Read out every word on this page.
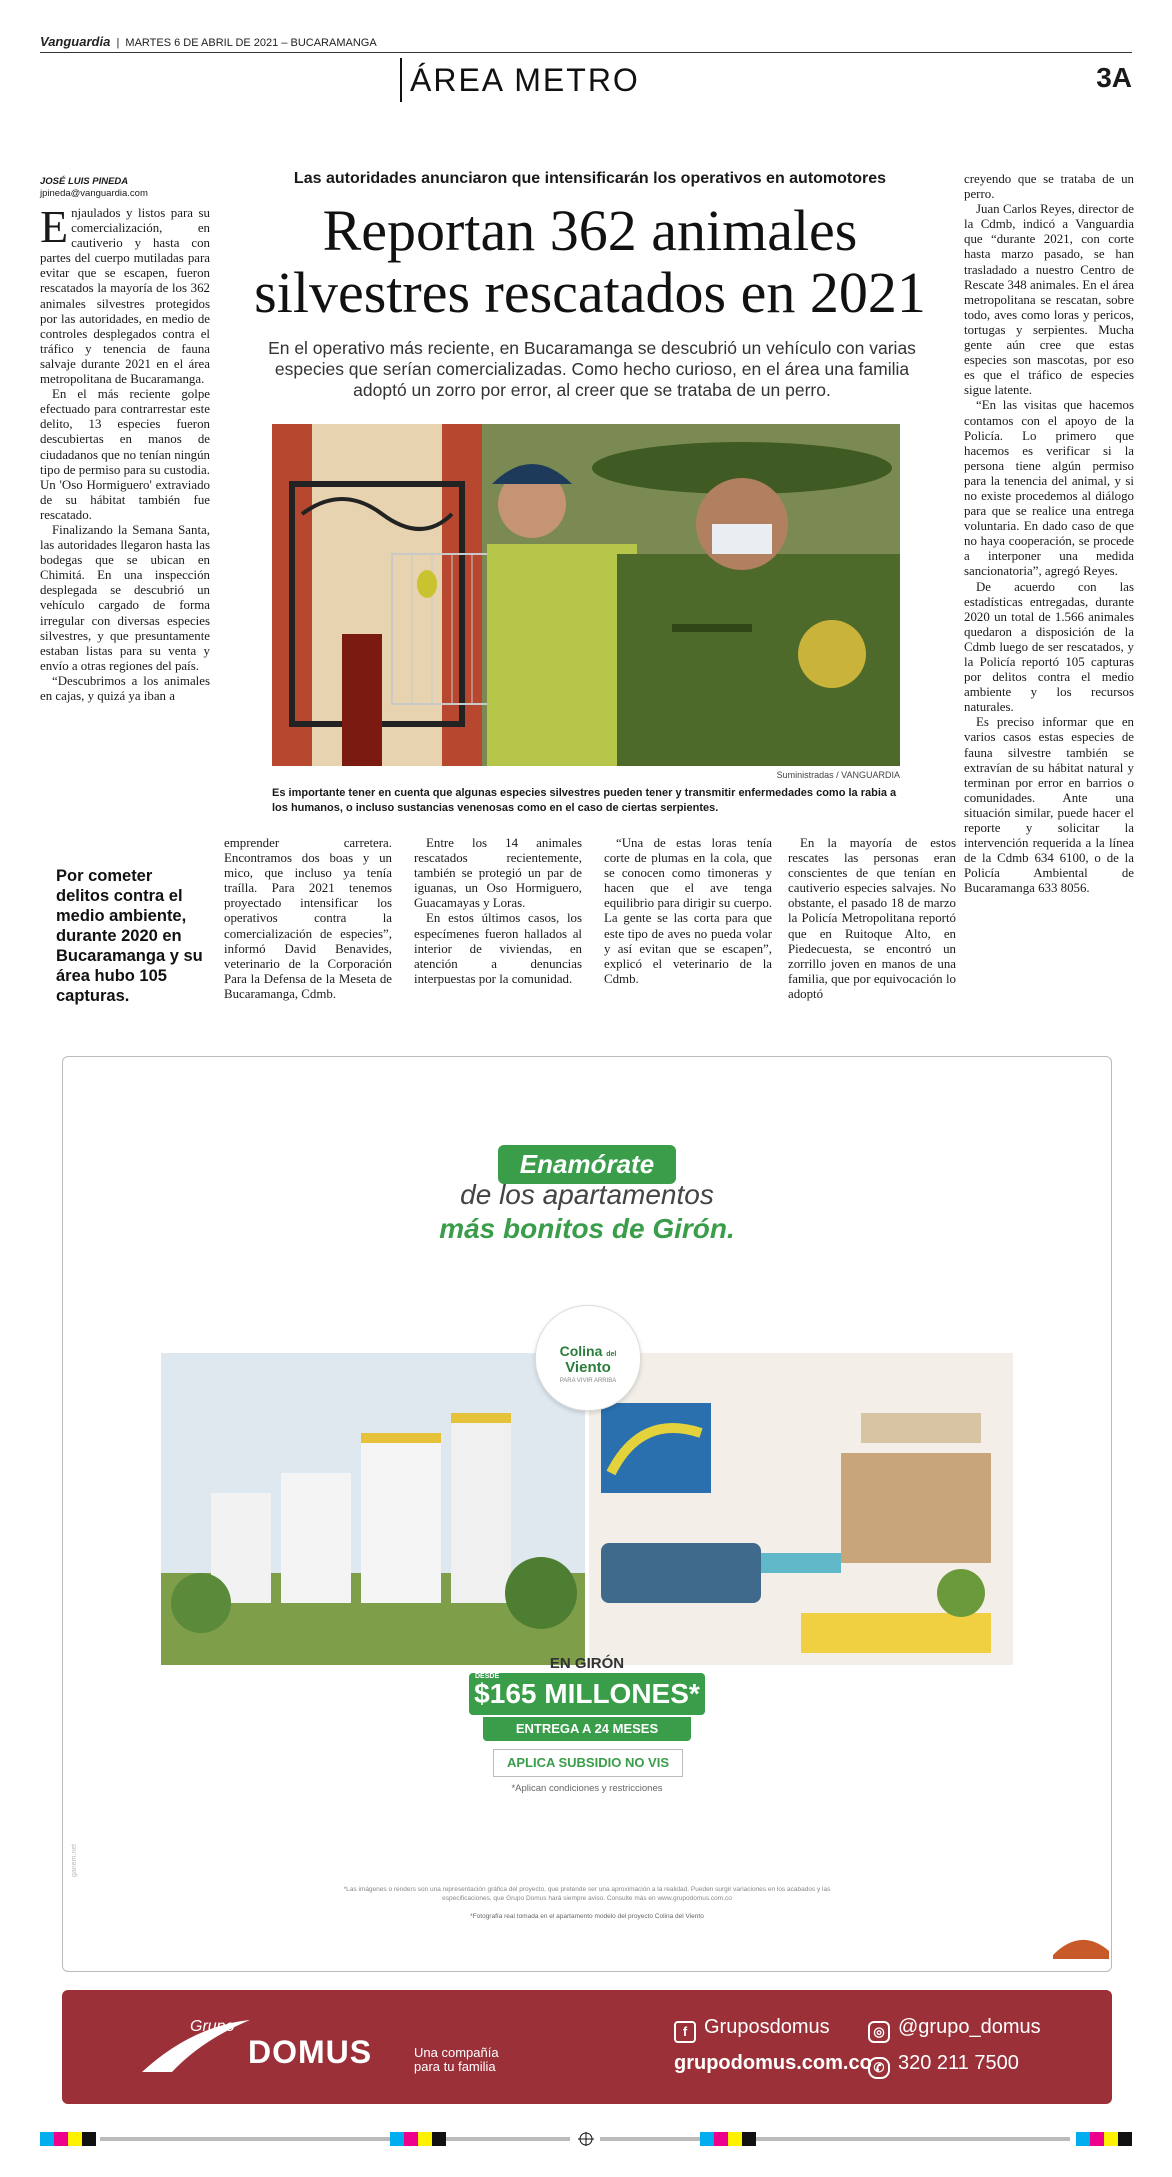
Vanguardia  |  MARTES 6 DE ABRIL DE 2021 – BUCARAMANGA
ÁREA METRO	3A
JOSÉ LUIS PINEDA
jpineda@vanguardia.com

Enjaulados y listos para su comercialización, en cautiverio y hasta con partes del cuerpo mutiladas para evitar que se escapen, fueron rescatados la mayoría de los 362 animales silvestres protegidos por las autoridades, en medio de controles desplegados contra el tráfico y tenencia de fauna salvaje durante 2021 en el área metropolitana de Bucaramanga.

En el más reciente golpe efectuado para contrarrestar este delito, 13 especies fueron descubiertas en manos de ciudadanos que no tenían ningún tipo de permiso para su custodia. Un 'Oso Hormiguero' extraviado de su hábitat también fue rescatado.

Finalizando la Semana Santa, las autoridades llegaron hasta las bodegas que se ubican en Chimitá. En una inspección desplegada se descubrió un vehículo cargado de forma irregular con diversas especies silvestres, y que presuntamente estaban listas para su venta y envío a otras regiones del país.

“Descubrimos a los animales en cajas, y quizá ya iban a

Las autoridades anunciaron que intensificarán los operativos en automotores
Reportan 362 animales silvestres rescatados en 2021
En el operativo más reciente, en Bucaramanga se descubrió un vehículo con varias especies que serían comercializadas. Como hecho curioso, en el área una familia adoptó un zorro por error, al creer que se trataba de un perro.
Suministradas / VANGUARDIA
Es importante tener en cuenta que algunas especies silvestres pueden tener y transmitir enfermedades como la rabia a los humanos, o incluso sustancias venenosas como en el caso de ciertas serpientes.
Por cometer delitos contra el medio ambiente, durante 2020 en Bucaramanga y su área hubo 105 capturas.

emprender carretera. Encontramos dos boas y un mico, que incluso ya tenía traílla. Para 2021 tenemos proyectado intensificar los operativos contra la comercialización de especies”, informó David Benavides, veterinario de la Corporación Para la Defensa de la Meseta de Bucaramanga, Cdmb.

Entre los 14 animales rescatados recientemente, también se protegió un par de iguanas, un Oso Hormiguero, Guacamayas y Loras.

En estos últimos casos, los especímenes fueron hallados al interior de viviendas, en atención a denuncias interpuestas por la comunidad.

“Una de estas loras tenía corte de plumas en la cola, que se conocen como timoneras y hacen que el ave tenga equilibrio para dirigir su cuerpo. La gente se las corta para que este tipo de aves no pueda volar y así evitan que se escapen”, explicó el veterinario de la Cdmb.

En la mayoría de estos rescates las personas eran conscientes de que tenían en cautiverio especies salvajes. No obstante, el pasado 18 de marzo la Policía Metropolitana reportó que en Ruitoque Alto, en Piedecuesta, se encontró un zorrillo joven en manos de una familia, que por equivocación lo adoptó

creyendo que se trataba de un perro.

Juan Carlos Reyes, director de la Cdmb, indicó a Vanguardia que “durante 2021, con corte hasta marzo pasado, se han trasladado a nuestro Centro de Rescate 348 animales. En el área metropolitana se rescatan, sobre todo, aves como loras y pericos, tortugas y serpientes. Mucha gente aún cree que estas especies son mascotas, por eso es que el tráfico de especies sigue latente.

“En las visitas que hacemos contamos con el apoyo de la Policía. Lo primero que hacemos es verificar si la persona tiene algún permiso para la tenencia del animal, y si no existe procedemos al diálogo para que se realice una entrega voluntaria. En dado caso de que no haya cooperación, se procede a interponer una medida sancionatoria”, agregó Reyes.

De acuerdo con las estadísticas entregadas, durante 2020 un total de 1.566 animales quedaron a disposición de la Cdmb luego de ser rescatados, y la Policía reportó 105 capturas por delitos contra el medio ambiente y los recursos naturales.

Es preciso informar que en varios casos estas especies de fauna silvestre también se extravían de su hábitat natural y terminan por error en barrios o comunidades. Ante una situación similar, puede hacer el reporte y solicitar la intervención requerida a la línea de la Cdmb 634 6100, o de la Policía Ambiental de Bucaramanga 633 8056.

Enamórate
de los apartamentos
más bonitos de Girón.
Colina del
Viento
PARA VIVIR ARRIBA
EN GIRÓN
DESDE
$165 MILLONES*
ENTREGA A 24 MESES
APLICA SUBSIDIO NO VIS
*Aplican condiciones y restricciones
*Las imágenes o renders son una representación gráfica del proyecto, que pretende ser una aproximación a la realidad. Pueden surgir variaciones en los acabados y las especificaciones, que Grupo Domus hará siempre aviso. Consulte más en www.grupodomus.com.co
*Fotografía real tomada en el apartamento modelo del proyecto Colina del Viento
ganem.net
Grupo
DOMUS	Una compañía
para tu familia
f Gruposdomus	◎ @grupo_domus
grupodomus.com.co ✆ 320 211 7500
